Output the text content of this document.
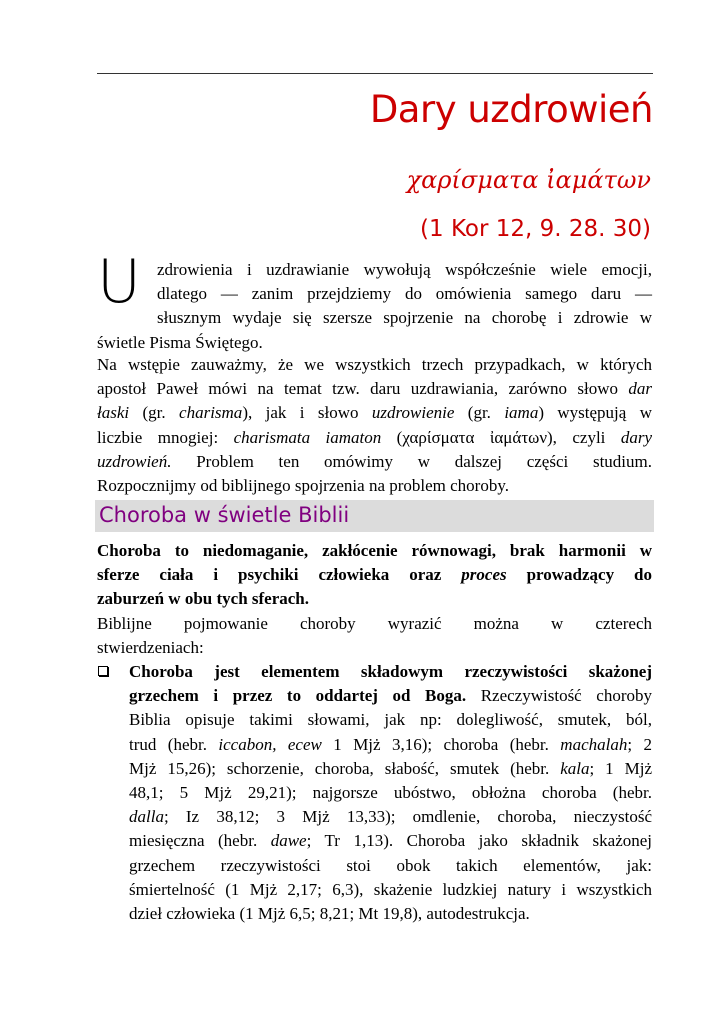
Dary uzdrowień
χαρίσματα ἰαμάτων
(1 Kor 12, 9. 28. 30)
U zdrowienia i uzdrawianie wywołują współcześnie wiele emocji,
dlatego — zanim przejdziemy do omówienia samego daru —
słusznym wydaje się szersze spojrzenie na chorobę i zdrowie w
świetle Pisma Świętego.
Na wstępie zauważmy, że we wszystkich trzech przypadkach, w których
apostoł Paweł mówi na temat tzw. daru uzdrawiania, zarówno słowo dar
łaski (gr. charisma), jak i słowo uzdrowienie (gr. iama) występują w
liczbie mnogiej: charismata iamaton (χαρίσματα ἰαμάτων), czyli dary
uzdrowień. Problem ten omówimy w dalszej części studium.
Rozpocznijmy od biblijnego spojrzenia na problem choroby.
Choroba w świetle Biblii
Choroba to niedomaganie, zakłócenie równowagi, brak harmonii w
sferze ciała i psychiki człowieka oraz proces prowadzący do
zaburzeń w obu tych sferach.
Biblijne pojmowanie choroby wyrazić można w czterech
stwierdzeniach:
Choroba jest elementem składowym rzeczywistości skażonej
grzechem i przez to oddartej od Boga. Rzeczywistość choroby
Biblia opisuje takimi słowami, jak np: dolegliwość, smutek, ból,
trud (hebr. iccabon, ecew 1 Mjż 3,16); choroba (hebr. machalah; 2
Mjż 15,26); schorzenie, choroba, słabość, smutek (hebr. kala; 1 Mjż
48,1; 5 Mjż 29,21); najgorsze ubóstwo, obłożna choroba (hebr.
dalla; Iz 38,12; 3 Mjż 13,33); omdlenie, choroba, nieczystość
miesięczna (hebr. dawe; Tr 1,13). Choroba jako składnik skażonej
grzechem rzeczywistości stoi obok takich elementów, jak:
śmiertelność (1 Mjż 2,17; 6,3), skażenie ludzkiej natury i wszystkich
dzieł człowieka (1 Mjż 6,5; 8,21; Mt 19,8), autodestrukcja.
